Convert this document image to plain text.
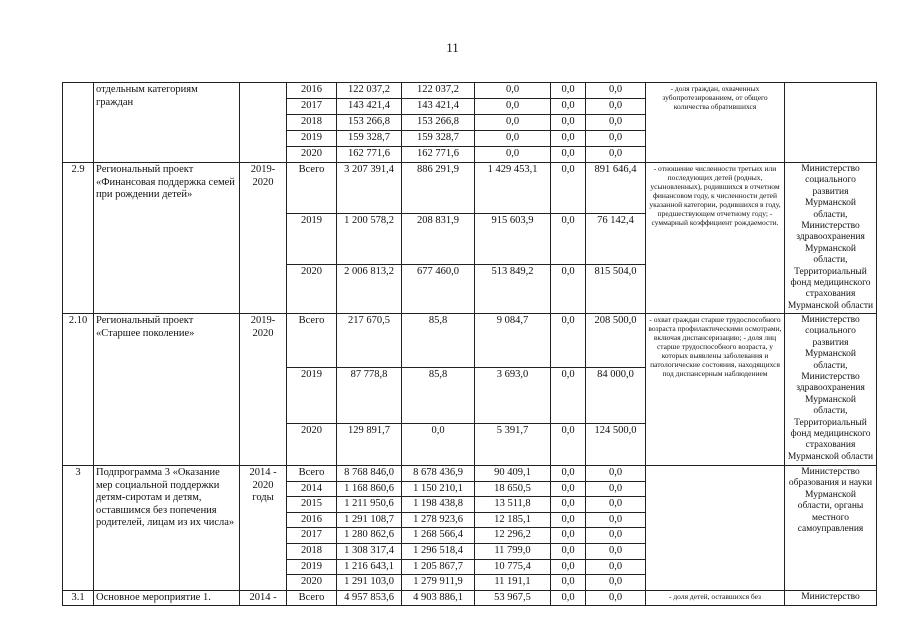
11
	отдельным категориям граждан		2016	122 037,2	122 037,2	0,0	0,0	0,0	- доля граждан, охваченных зубопротезированием, от общего количества обратившихся	
			2017	143 421,4	143 421,4	0,0	0,0	0,0		
			2018	153 266,8	153 266,8	0,0	0,0	0,0		
			2019	159 328,7	159 328,7	0,0	0,0	0,0		
			2020	162 771,6	162 771,6	0,0	0,0	0,0		
2.9	Региональный проект «Финансовая поддержка семей при рождении детей»	2019-2020	Всего	3 207 391,4	886 291,9	1 429 453,1	0,0	891 646,4	- отношение численности третьих или последующих детей (родных, усыновленных), родившихся в отчетном финансовом году, к численности детей указанной категории, родившихся в году, предшествующем отчетному году; - суммарный коэффициент рождаемости.	Министерство социального развития Мурманской области, Министерство здравоохранения Мурманской области, Территориальный фонд медицинского страхования Мурманской области
			2019	1 200 578,2	208 831,9	915 603,9	0,0	76 142,4		
			2020	2 006 813,2	677 460,0	513 849,2	0,0	815 504,0		
2.10	Региональный проект «Старшее поколение»	2019-2020	Всего	217 670,5	85,8	9 084,7	0,0	208 500,0	- охват граждан старше трудоспособного возраста профилактическими осмотрами, включая диспансеризацию; - доля лиц старше трудоспособного возраста, у которых выявлены заболевания и патологические состояния, находящихся под диспансерным наблюдением	Министерство социального развития Мурманской области, Министерство здравоохранения Мурманской области, Территориальный фонд медицинского страхования Мурманской области
			2019	87 778,8	85,8	3 693,0	0,0	84 000,0		
			2020	129 891,7	0,0	5 391,7	0,0	124 500,0		
3	Подпрограмма 3 «Оказание мер социальной поддержки детям-сиротам и детям, оставшимся без попечения родителей, лицам из их числа»	2014 - 2020 годы	Всего	8 768 846,0	8 678 436,9	90 409,1	0,0	0,0		Министерство образования и науки Мурманской области, органы местного самоуправления
			2014	1 168 860,6	1 150 210,1	18 650,5	0,0	0,0		
			2015	1 211 950,6	1 198 438,8	13 511,8	0,0	0,0		
			2016	1 291 108,7	1 278 923,6	12 185,1	0,0	0,0		
			2017	1 280 862,6	1 268 566,4	12 296,2	0,0	0,0		
			2018	1 308 317,4	1 296 518,4	11 799,0	0,0	0,0		
			2019	1 216 643,1	1 205 867,7	10 775,4	0,0	0,0		
			2020	1 291 103,0	1 279 911,9	11 191,1	0,0	0,0		
3.1	Основное мероприятие 1.	2014 -	Всего	4 957 853,6	4 903 886,1	53 967,5	0,0	0,0	- доля детей, оставшихся без	Министерство
